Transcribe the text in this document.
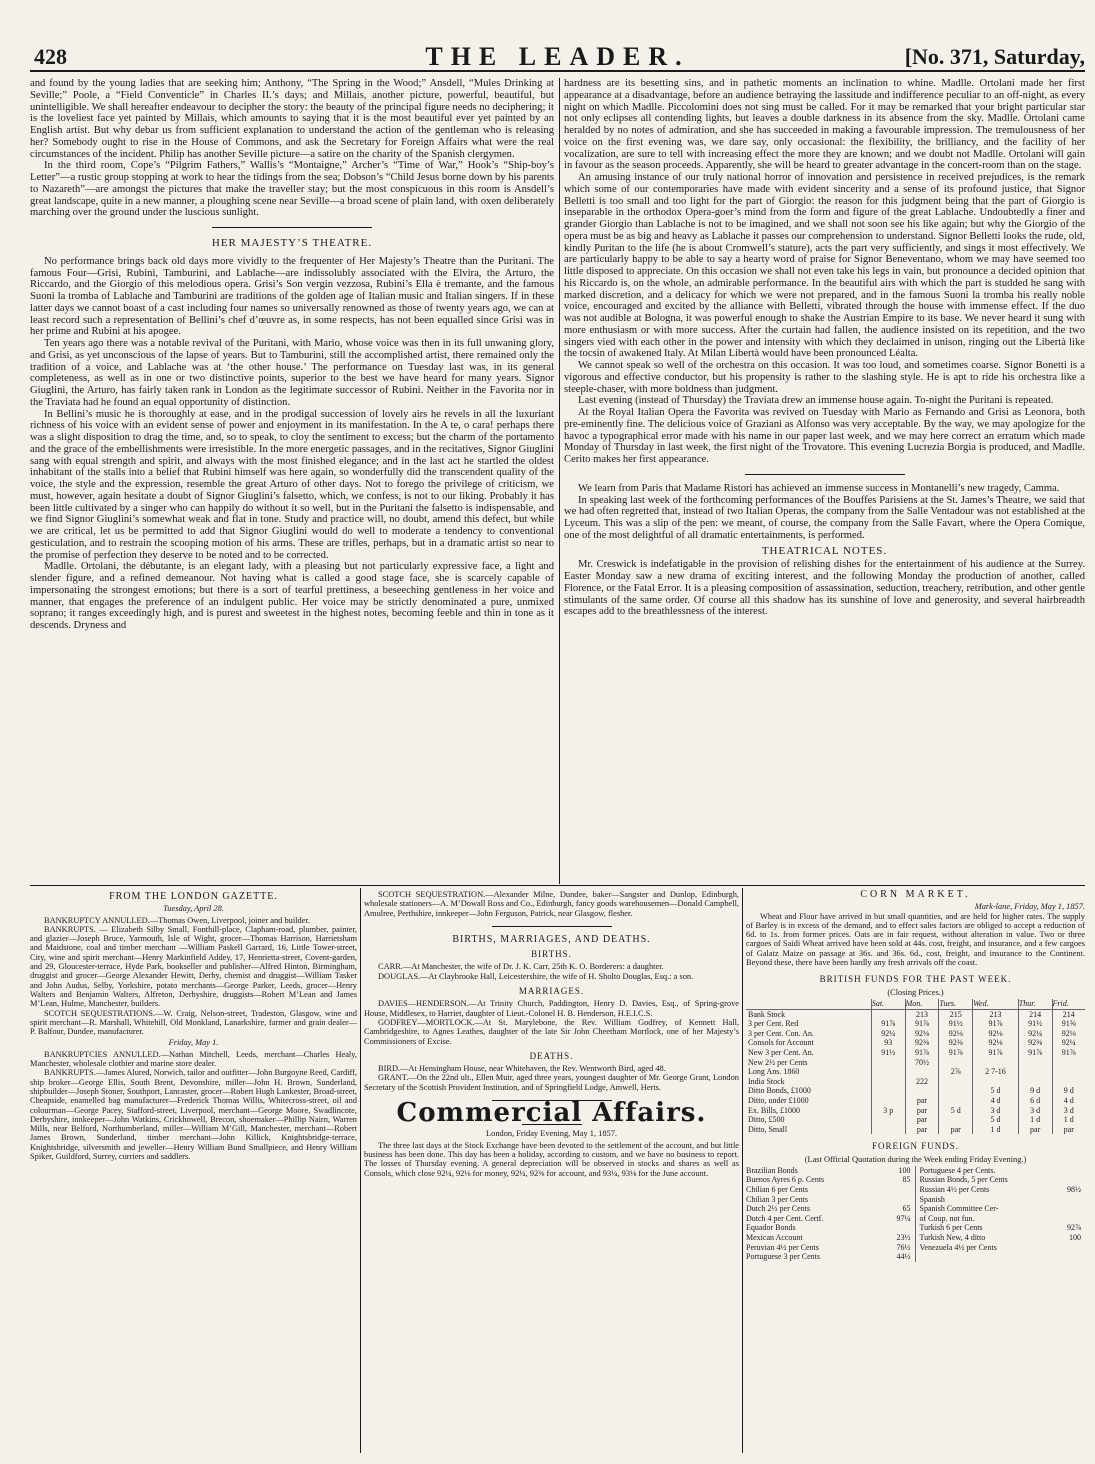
428	THE LEADER.	[No. 371, Saturday,

and found by the young ladies that are seeking him; Anthony, “The Spring in the Wood;” Ansdell, “Mules Drinking at Seville;” Poole, a “Field Conventicle” in Charles II.’s days; and Millais, another picture, powerful, beautiful, but unintelligible. We shall hereafter endeavour to decipher the story: the beauty of the principal figure needs no deciphering; it is the loveliest face yet painted by Millais, which amounts to saying that it is the most beautiful ever yet painted by an English artist. But why debar us from sufficient explanation to understand the action of the gentleman who is releasing her? Somebody ought to rise in the House of Commons, and ask the Secretary for Foreign Affairs what were the real circumstances of the incident. Philip has another Seville picture—a satire on the charity of the Spanish clergymen.

In the third room, Cope’s “Pilgrim Fathers,” Wallis’s “Montaigne,” Archer’s “Time of War,” Hook’s “Ship-boy’s Letter”—a rustic group stopping at work to hear the tidings from the sea; Dobson’s “Child Jesus borne down by his parents to Nazareth”—are amongst the pictures that make the traveller stay; but the most conspicuous in this room is Ansdell’s great landscape, quite in a new manner, a ploughing scene near Seville—a broad scene of plain land, with oxen deliberately marching over the ground under the luscious sunlight.

HER MAJESTY’S THEATRE.

No performance brings back old days more vividly to the frequenter of Her Majesty’s Theatre than the Puritani. The famous Four—Grisi, Rubini, Tamburini, and Lablache—are indissolubly associated with the Elvira, the Arturo, the Riccardo, and the Giorgio of this melodious opera. Grisi’s Son vergin vezzosa, Rubini’s Ella è tremante, and the famous Suoni la tromba of Lablache and Tamburini are traditions of the golden age of Italian music and Italian singers. If in these latter days we cannot boast of a cast including four names so universally renowned as those of twenty years ago, we can at least record such a representation of Bellini’s chef d’œuvre as, in some respects, has not been equalled since Grisi was in her prime and Rubini at his apogee.

Ten years ago there was a notable revival of the Puritani, with Mario, whose voice was then in its full unwaning glory, and Grisi, as yet unconscious of the lapse of years. But to Tamburini, still the accomplished artist, there remained only the tradition of a voice, and Lablache was at ‘the other house.’ The performance on Tuesday last was, in its general completeness, as well as in one or two distinctive points, superior to the best we have heard for many years. Signor Giuglini, the Arturo, has fairly taken rank in London as the legitimate successor of Rubini. Neither in the Favorita nor in the Traviata had he found an equal opportunity of distinction.

In Bellini’s music he is thoroughly at ease, and in the prodigal succession of lovely airs he revels in all the luxuriant richness of his voice with an evident sense of power and enjoyment in its manifestation. In the A te, o cara! perhaps there was a slight disposition to drag the time, and, so to speak, to cloy the sentiment to excess; but the charm of the portamento and the grace of the embellishments were irresistible. In the more energetic passages, and in the recitatives, Signor Giuglini sang with equal strength and spirit, and always with the most finished elegance; and in the last act he startled the oldest inhabitant of the stalls into a belief that Rubini himself was here again, so wonderfully did the transcendent quality of the voice, the style and the expression, resemble the great Arturo of other days. Not to forego the privilege of criticism, we must, however, again hesitate a doubt of Signor Giuglini’s falsetto, which, we confess, is not to our liking. Probably it has been little cultivated by a singer who can happily do without it so well, but in the Puritani the falsetto is indispensable, and we find Signor Giuglini’s somewhat weak and flat in tone. Study and practice will, no doubt, amend this defect, but while we are critical, let us be permitted to add that Signor Giuglini would do well to moderate a tendency to conventional gesticulation, and to restrain the scooping motion of his arms. These are trifles, perhaps, but in a dramatic artist so near to the promise of perfection they deserve to be noted and to be corrected.

Madlle. Ortolani, the débutante, is an elegant lady, with a pleasing but not particularly expressive face, a light and slender figure, and a refined demeanour. Not having what is called a good stage face, she is scarcely capable of impersonating the strongest emotions; but there is a sort of tearful prettiness, a beseeching gentleness in her voice and manner, that engages the preference of an indulgent public. Her voice may be strictly denominated a pure, unmixed soprano; it ranges exceedingly high, and is purest and sweetest in the highest notes, becoming feeble and thin in tone as it descends. Dryness and

hardness are its besetting sins, and in pathetic moments an inclination to whine. Madlle. Ortolani made her first appearance at a disadvantage, before an audience betraying the lassitude and indifference peculiar to an off-night, as every night on which Madlle. Piccolomini does not sing must be called. For it may be remarked that your bright particular star not only eclipses all contending lights, but leaves a double darkness in its absence from the sky. Madlle. Ortolani came heralded by no notes of admiration, and she has succeeded in making a favourable impression. The tremulousness of her voice on the first evening was, we dare say, only occasional: the flexibility, the brilliancy, and the facility of her vocalization, are sure to tell with increasing effect the more they are known; and we doubt not Madlle. Ortolani will gain in favour as the season proceeds. Apparently, she will be heard to greater advantage in the concert-room than on the stage.

An amusing instance of our truly national horror of innovation and persistence in received prejudices, is the remark which some of our contemporaries have made with evident sincerity and a sense of its profound justice, that Signor Belletti is too small and too light for the part of Giorgio: the reason for this judgment being that the part of Giorgio is inseparable in the orthodox Opera-goer’s mind from the form and figure of the great Lablache. Undoubtedly a finer and grander Giorgio than Lablache is not to be imagined, and we shall not soon see his like again; but why the Giorgio of the opera must be as big and heavy as Lablache it passes our comprehension to understand. Signor Belletti looks the rude, old, kindly Puritan to the life (he is about Cromwell’s stature), acts the part very sufficiently, and sings it most effectively. We are particularly happy to be able to say a hearty word of praise for Signor Beneventano, whom we may have seemed too little disposed to appreciate. On this occasion we shall not even take his legs in vain, but pronounce a decided opinion that his Riccardo is, on the whole, an admirable performance. In the beautiful airs with which the part is studded he sang with marked discretion, and a delicacy for which we were not prepared, and in the famous Suoni la tromba his really noble voice, encouraged and excited by the alliance with Belletti, vibrated through the house with immense effect. If the duo was not audible at Bologna, it was powerful enough to shake the Austrian Empire to its base. We never heard it sung with more enthusiasm or with more success. After the curtain had fallen, the audience insisted on its repetition, and the two singers vied with each other in the power and intensity with which they declaimed in unison, ringing out the Libertà like the tocsin of awakened Italy. At Milan Libertà would have been pronounced Léalta.

We cannot speak so well of the orchestra on this occasion. It was too loud, and sometimes coarse. Signor Bonetti is a vigorous and effective conductor, but his propensity is rather to the slashing style. He is apt to ride his orchestra like a steeple-chaser, with more boldness than judgment.

Last evening (instead of Thursday) the Traviata drew an immense house again. To-night the Puritani is repeated.

At the Royal Italian Opera the Favorita was revived on Tuesday with Mario as Fernando and Grisi as Leonora, both pre-eminently fine. The delicious voice of Graziani as Alfonso was very acceptable. By the way, we may apologize for the havoc a typographical error made with his name in our paper last week, and we may here correct an erratum which made Monday of Thursday in last week, the first night of the Trovatore. This evening Lucrezia Borgia is produced, and Madlle. Cerito makes her first appearance.

We learn from Paris that Madame Ristori has achieved an immense success in Montanelli’s new tragedy, Camma.

In speaking last week of the forthcoming performances of the Bouffes Parisiens at the St. James’s Theatre, we said that we had often regretted that, instead of two Italian Operas, the company from the Salle Ventadour was not established at the Lyceum. This was a slip of the pen: we meant, of course, the company from the Salle Favart, where the Opera Comique, one of the most delightful of all dramatic entertainments, is performed.

THEATRICAL NOTES.

Mr. Creswick is indefatigable in the provision of relishing dishes for the entertainment of his audience at the Surrey. Easter Monday saw a new drama of exciting interest, and the following Monday the production of another, called Florence, or the Fatal Error. It is a pleasing composition of assassination, seduction, treachery, retribution, and other gentle stimulants of the same order. Of course all this shadow has its sunshine of love and generosity, and several hairbreadth escapes add to the breathlessness of the interest.

FROM THE LONDON GAZETTE.
Tuesday, April 28.

BANKRUPTCY ANNULLED.—Thomas Owen, Liverpool, joiner and builder.

BANKRUPTS. — Elizabeth Silby Small, Fonthill-place, Clapham-road, plumber, painter, and glazier—Joseph Bruce, Yarmouth, Isle of Wight, grocer—Thomas Harrison, Harrietsham and Maidstone, coal and timber merchant —William Paskell Garrard, 16, Little Tower-street, City, wine and spirit merchant—Henry Markinfield Addey, 17, Henrietta-street, Covent-garden, and 29, Gloucester-terrace, Hyde Park, bookseller and publisher—Alfred Hinton, Birmingham, druggist and grocer—George Alexander Hewitt, Derby, chemist and druggist—William Tasker and John Audus, Selby, Yorkshire, potato merchants—George Parker, Leeds, grocer—Henry Walters and Benjamin Walters, Alfreton, Derbyshire, druggists—Robert M’Lean and James M’Lean, Hulme, Manchester, builders.

SCOTCH SEQUESTRATIONS.—W. Craig, Nelson-street, Tradeston, Glasgow, wine and spirit merchant—R. Marshall, Whitehill, Old Monkland, Lanarkshire, farmer and grain dealer—P. Balfour, Dundee, manufacturer.

Friday, May 1.

BANKRUPTCIES ANNULLED.—Nathan Mitchell, Leeds, merchant—Charles Healy, Manchester, wholesale clothier and marine store dealer.

BANKRUPTS.—James Alured, Norwich, tailor and outfitter—John Burgoyne Reed, Cardiff, ship broker—George Ellis, South Brent, Devonshire, miller—John H. Brown, Sunderland, shipbuilder—Joseph Stoner, Southport, Lancaster, grocer—Robert Hugh Lankester, Broad-street, Cheapside, enamelled bag manufacturer—Frederick Thomas Willis, Whitecross-street, oil and colourman—George Pacey, Stafford-street, Liverpool, merchant—George Moore, Swadlincote, Derbyshire, innkeeper—John Watkins, Crickhowell, Brecon, shoemaker—Phillip Nairn, Warren Mills, near Belford, Northumberland, miller—William M’Gill, Manchester, merchant—Robert James Brown, Sunderland, timber merchant—John Killick, Knightsbridge-terrace, Knightsbridge, silversmith and jeweller—Henry William Bund Smallpiece, and Henry William Spiker, Guildford, Surrey, curriers and saddlers.

SCOTCH SEQUESTRATION.—Alexander Milne, Dundee, baker—Sangster and Dunlop, Edinburgh, wholesale stationers—A. M’Dowall Ross and Co., Edinburgh, fancy goods warehousemen—Donald Campbell, Amulree, Perthshire, innkeeper—John Ferguson, Patrick, near Glasgow, flesher.

BIRTHS, MARRIAGES, AND DEATHS.
BIRTHS.

CARR.—At Manchester, the wife of Dr. J. K. Carr, 25th K. O. Borderers: a daughter.

DOUGLAS.—At Claybrooke Hall, Leicestershire, the wife of H. Sholto Douglas, Esq.: a son.

MARRIAGES.

DAVIES—HENDERSON.—At Trinity Church, Paddington, Henry D. Davies, Esq., of Spring-grove House, Middlesex, to Harriet, daughter of Lieut.-Colonel H. B. Henderson, H.E.I.C.S.

GODFREY—MORTLOCK.—At St. Marylebone, the Rev. William Godfrey, of Kennett Hall, Cambridgeshire, to Agnes Leathes, daughter of the late Sir John Cheetham Mortlock, one of her Majesty’s Commissioners of Excise.

DEATHS.

BIRD.—At Hensingham House, near Whitehaven, the Rev. Wentworth Bird, aged 48.

GRANT.—On the 22nd ult., Ellen Muir, aged three years, youngest daughter of Mr. George Grant, London Secretary of the Scottish Provident Institution, and of Springfield Lodge, Amwell, Herts.

Commercial Affairs.
London, Friday Evening, May 1, 1857.

The three last days at the Stock Exchange have been devoted to the settlement of the account, and but little business has been done. This day has been a holiday, according to custom, and we have no business to report. The losses of Thursday evening. A general depreciation will be observed in stocks and shares as well as Consols, which close 92¼, 92⅛ for money, 92¼, 92⅜ for account, and 93¼, 93⅛ for the June account.

CORN MARKET.
Mark-lane, Friday, May 1, 1857.

Wheat and Flour have arrived in but small quantities, and are held for higher rates. The supply of Barley is in excess of the demand, and to effect sales factors are obliged to accept a reduction of 6d. to 1s. from former prices. Oats are in fair request, without alteration in value. Two or three cargoes of Saidi Wheat arrived have been sold at 44s. cost, freight, and insurance, and a few cargoes of Galatz Maize on passage at 36s. and 36s. 6d., cost, freight, and insurance to the Continent. Beyond these, there have been hardly any fresh arrivals off the coast.

BRITISH FUNDS FOR THE PAST WEEK.
(Closing Prices.)
	Sat.	Mon.	Tues.	Wed.	Thur.	Frid.
Bank Stock		213	215	213	214	214
3 per Cent. Red	91⅞	91⅞	91½	91⅞	91½	91⅝
3 per Cent. Con. An.	92¼	92⅛	92⅛	92⅛	92¼	92⅛
Consols for Account	93	92⅜	92⅜	92⅛	92⅜	92¼
New 3 per Cent. An.	91½	91⅞	91⅞	91⅞	91⅞	91⅞
New 2½ per Cents		70½				
Long Ans. 1860			2⅞	2 7-16		
India Stock		222				
Ditto Bonds, £1000				5 d	9 d	9 d
Ditto, under £1000		par		4 d	6 d	4 d
Ex. Bills, £1000	3 p	par	5 d	3 d	3 d	3 d
Ditto, £500		par		5 d	1 d	1 d
Ditto, Small		par	par	1 d	par	par
FOREIGN FUNDS.
(Last Official Quotation during the Week ending Friday Evening.)
Brazilian Bonds	100
Buenos Ayres 6 p. Cents	85
Chilian 6 per Cents
Chilian 3 per Cents
Dutch 2½ per Cents	65
Dutch 4 per Cent. Certf.	97¼
Equador Bonds
Mexican Account	23½
Peruvian 4½ per Cents	76½
Portuguese 3 per Cents	44½
Portuguese 4 per Cents.
Russian Bonds, 5 per Cents
Russian 4½ per Cents	98½
Spanish
Spanish Committee Cer-
of Coup. not fun.
Turkish 6 per Cents	92⅞
Turkish New, 4 ditto	100
Venezuela 4½ per Cents
